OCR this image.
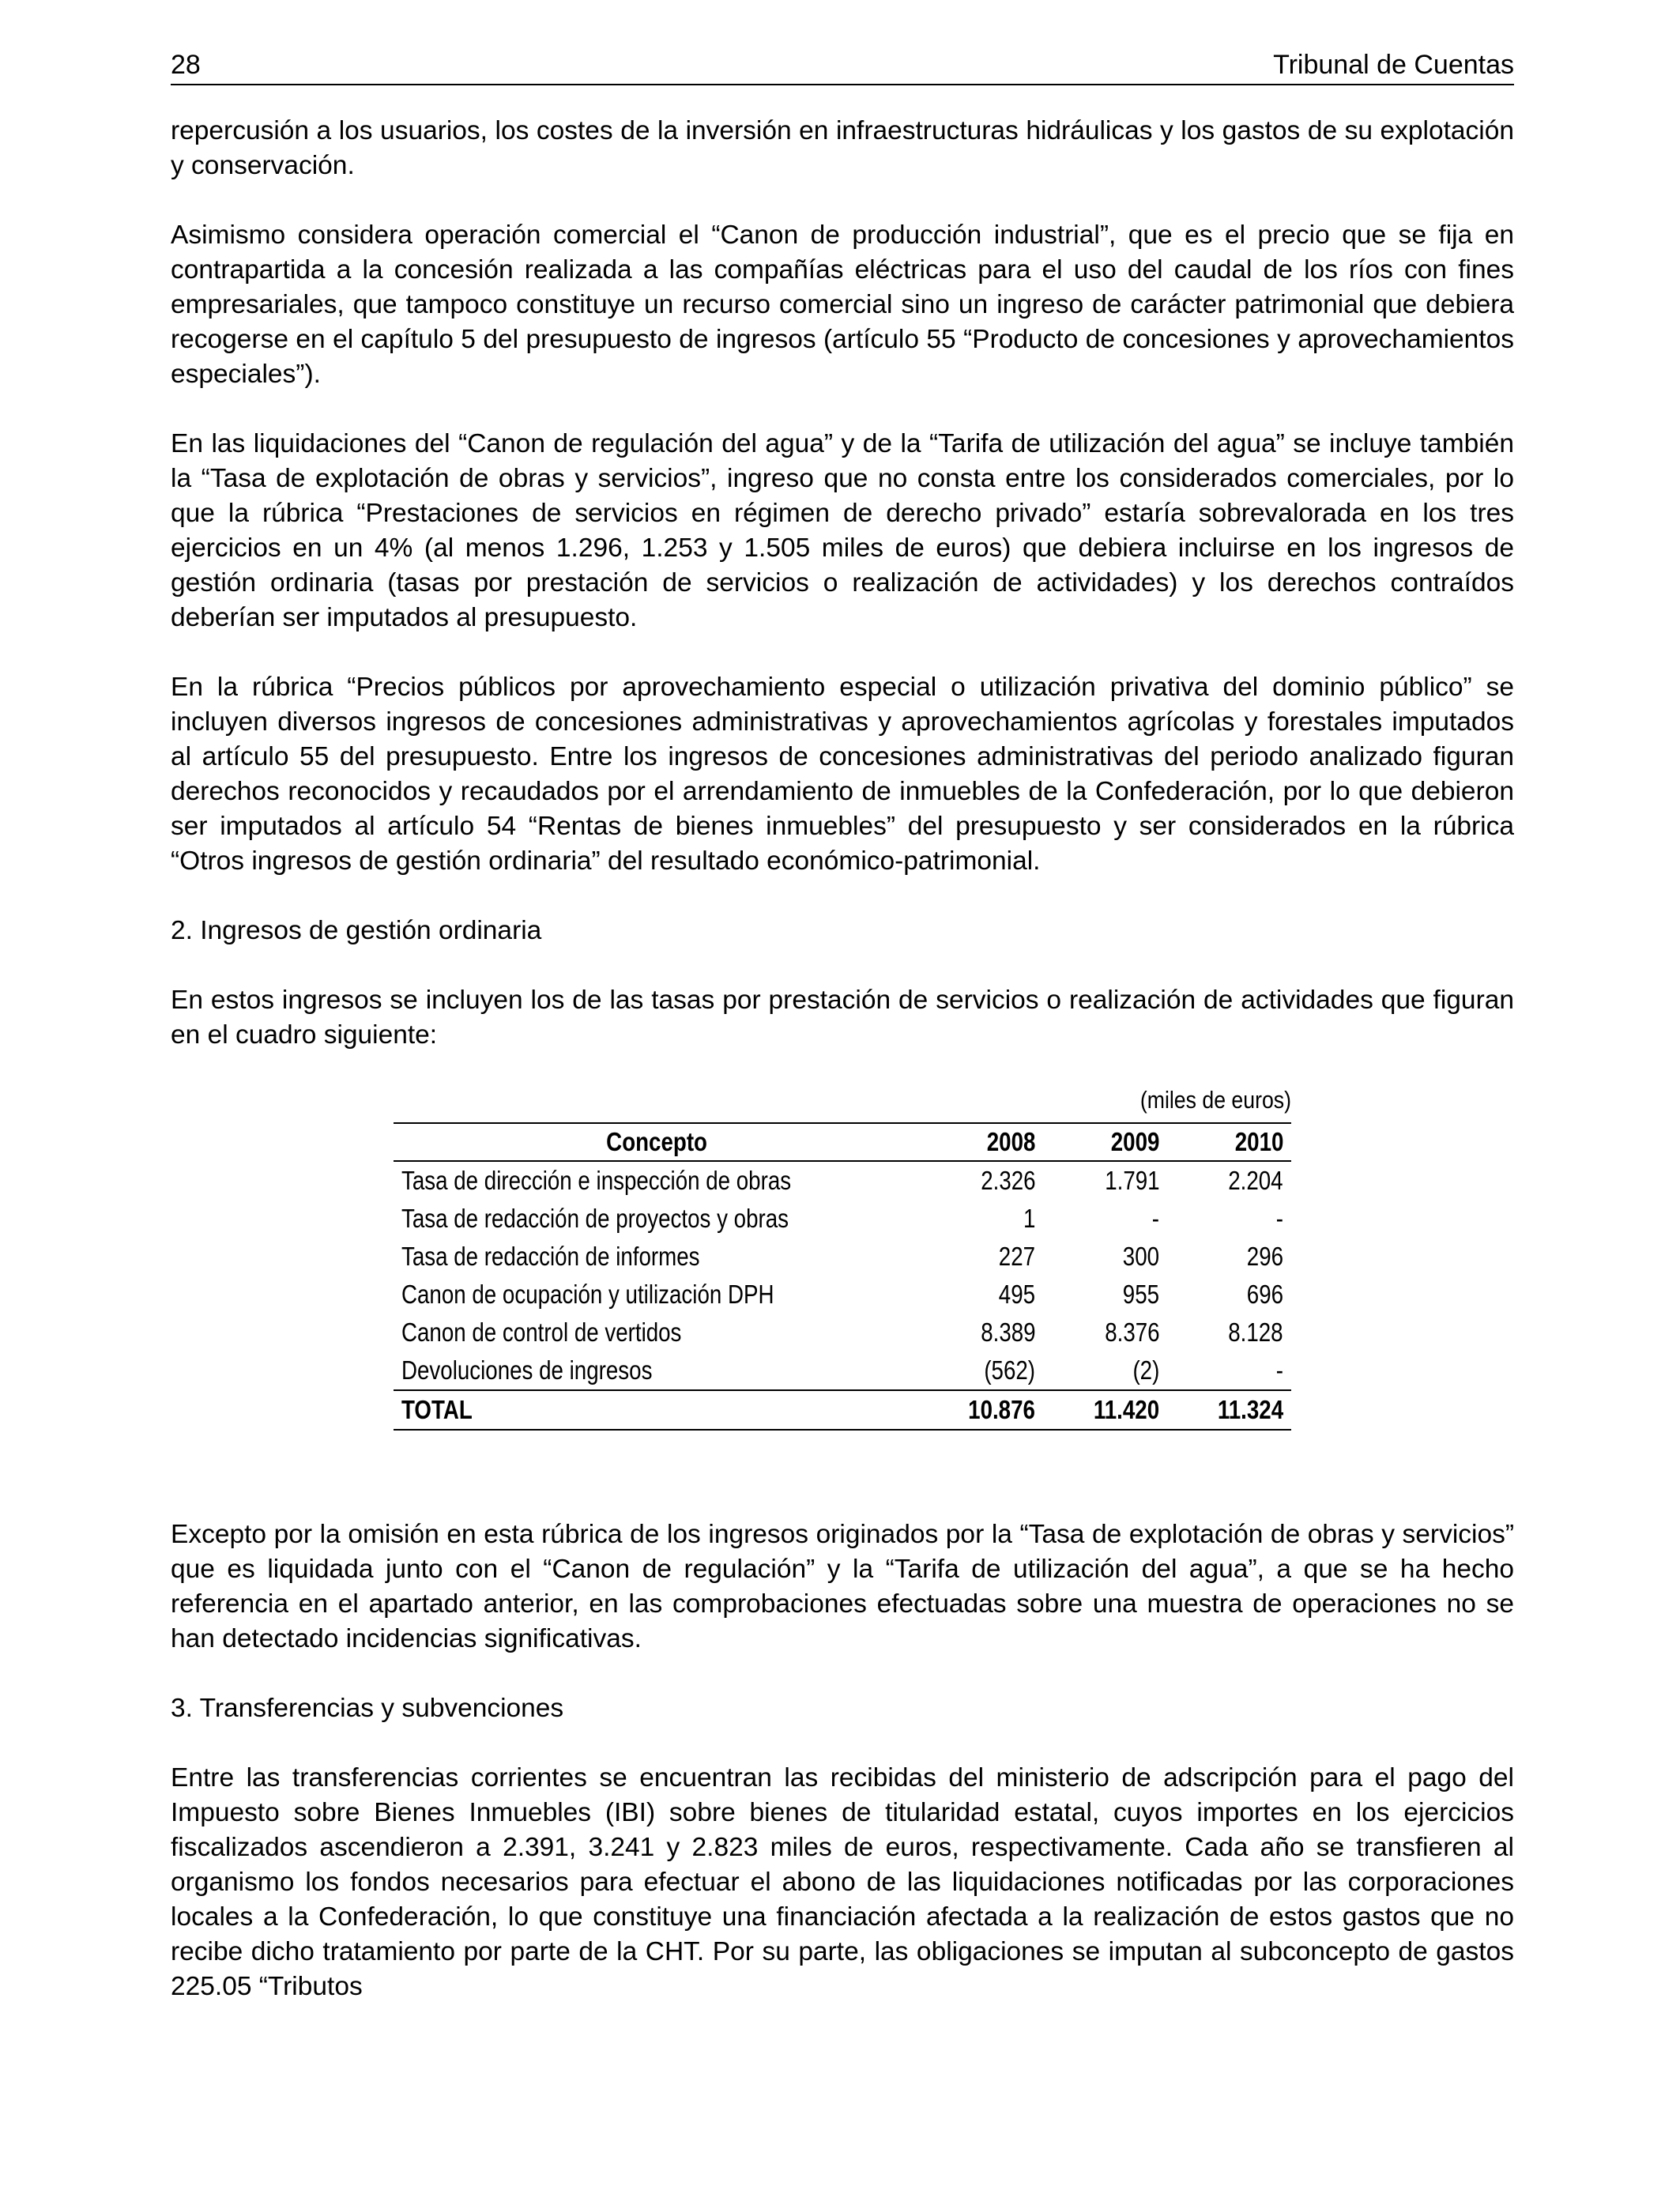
28	Tribunal de Cuentas

repercusión a los usuarios, los costes de la inversión en infraestructuras hidráulicas y los gastos de su explotación y conservación.

Asimismo considera operación comercial el “Canon de producción industrial”, que es el precio que se fija en contrapartida a la concesión realizada a las compañías eléctricas para el uso del caudal de los ríos con fines empresariales, que tampoco constituye un recurso comercial sino un ingreso de carácter patrimonial que debiera recogerse en el capítulo 5 del presupuesto de ingresos (artículo 55 “Producto de concesiones y aprovechamientos especiales”).

En las liquidaciones del “Canon de regulación del agua” y de la “Tarifa de utilización del agua” se incluye también la “Tasa de explotación de obras y servicios”, ingreso que no consta entre los considerados comerciales, por lo que la rúbrica “Prestaciones de servicios en régimen de derecho privado” estaría sobrevalorada en los tres ejercicios en un 4% (al menos 1.296, 1.253 y 1.505 miles de euros) que debiera incluirse en los ingresos de gestión ordinaria (tasas por prestación de servicios o realización de actividades) y los derechos contraídos deberían ser imputados al presupuesto.

En la rúbrica “Precios públicos por aprovechamiento especial o utilización privativa del dominio público” se incluyen diversos ingresos de concesiones administrativas y aprovechamientos agrícolas y forestales imputados al artículo 55 del presupuesto. Entre los ingresos de concesiones administrativas del periodo analizado figuran derechos reconocidos y recaudados por el arrendamiento de inmuebles de la Confederación, por lo que debieron ser imputados al artículo 54 “Rentas de bienes inmuebles” del presupuesto y ser considerados en la rúbrica “Otros ingresos de gestión ordinaria” del resultado económico-patrimonial.

2. Ingresos de gestión ordinaria

En estos ingresos se incluyen los de las tasas por prestación de servicios o realización de actividades que figuran en el cuadro siguiente:

(miles de euros)
Concepto	2008	2009	2010
Tasa de dirección e inspección de obras	2.326	1.791	2.204
Tasa de redacción de proyectos y obras	1	-	-
Tasa de redacción de informes	227	300	296
Canon de ocupación y utilización DPH	495	955	696
Canon de control de vertidos	8.389	8.376	8.128
Devoluciones de ingresos	(562)	(2)	-
TOTAL	10.876	11.420	11.324

Excepto por la omisión en esta rúbrica de los ingresos originados por la “Tasa de explotación de obras y servicios” que es liquidada junto con el “Canon de regulación” y la “Tarifa de utilización del agua”, a que se ha hecho referencia en el apartado anterior, en las comprobaciones efectuadas sobre una muestra de operaciones no se han detectado incidencias significativas.

3. Transferencias y subvenciones

Entre las transferencias corrientes se encuentran las recibidas del ministerio de adscripción para el pago del Impuesto sobre Bienes Inmuebles (IBI) sobre bienes de titularidad estatal, cuyos importes en los ejercicios fiscalizados ascendieron a 2.391, 3.241 y 2.823 miles de euros, respectivamente. Cada año se transfieren al organismo los fondos necesarios para efectuar el abono de las liquidaciones notificadas por las corporaciones locales a la Confederación, lo que constituye una financiación afectada a la realización de estos gastos que no recibe dicho tratamiento por parte de la CHT. Por su parte, las obligaciones se imputan al subconcepto de gastos 225.05 “Tributos
